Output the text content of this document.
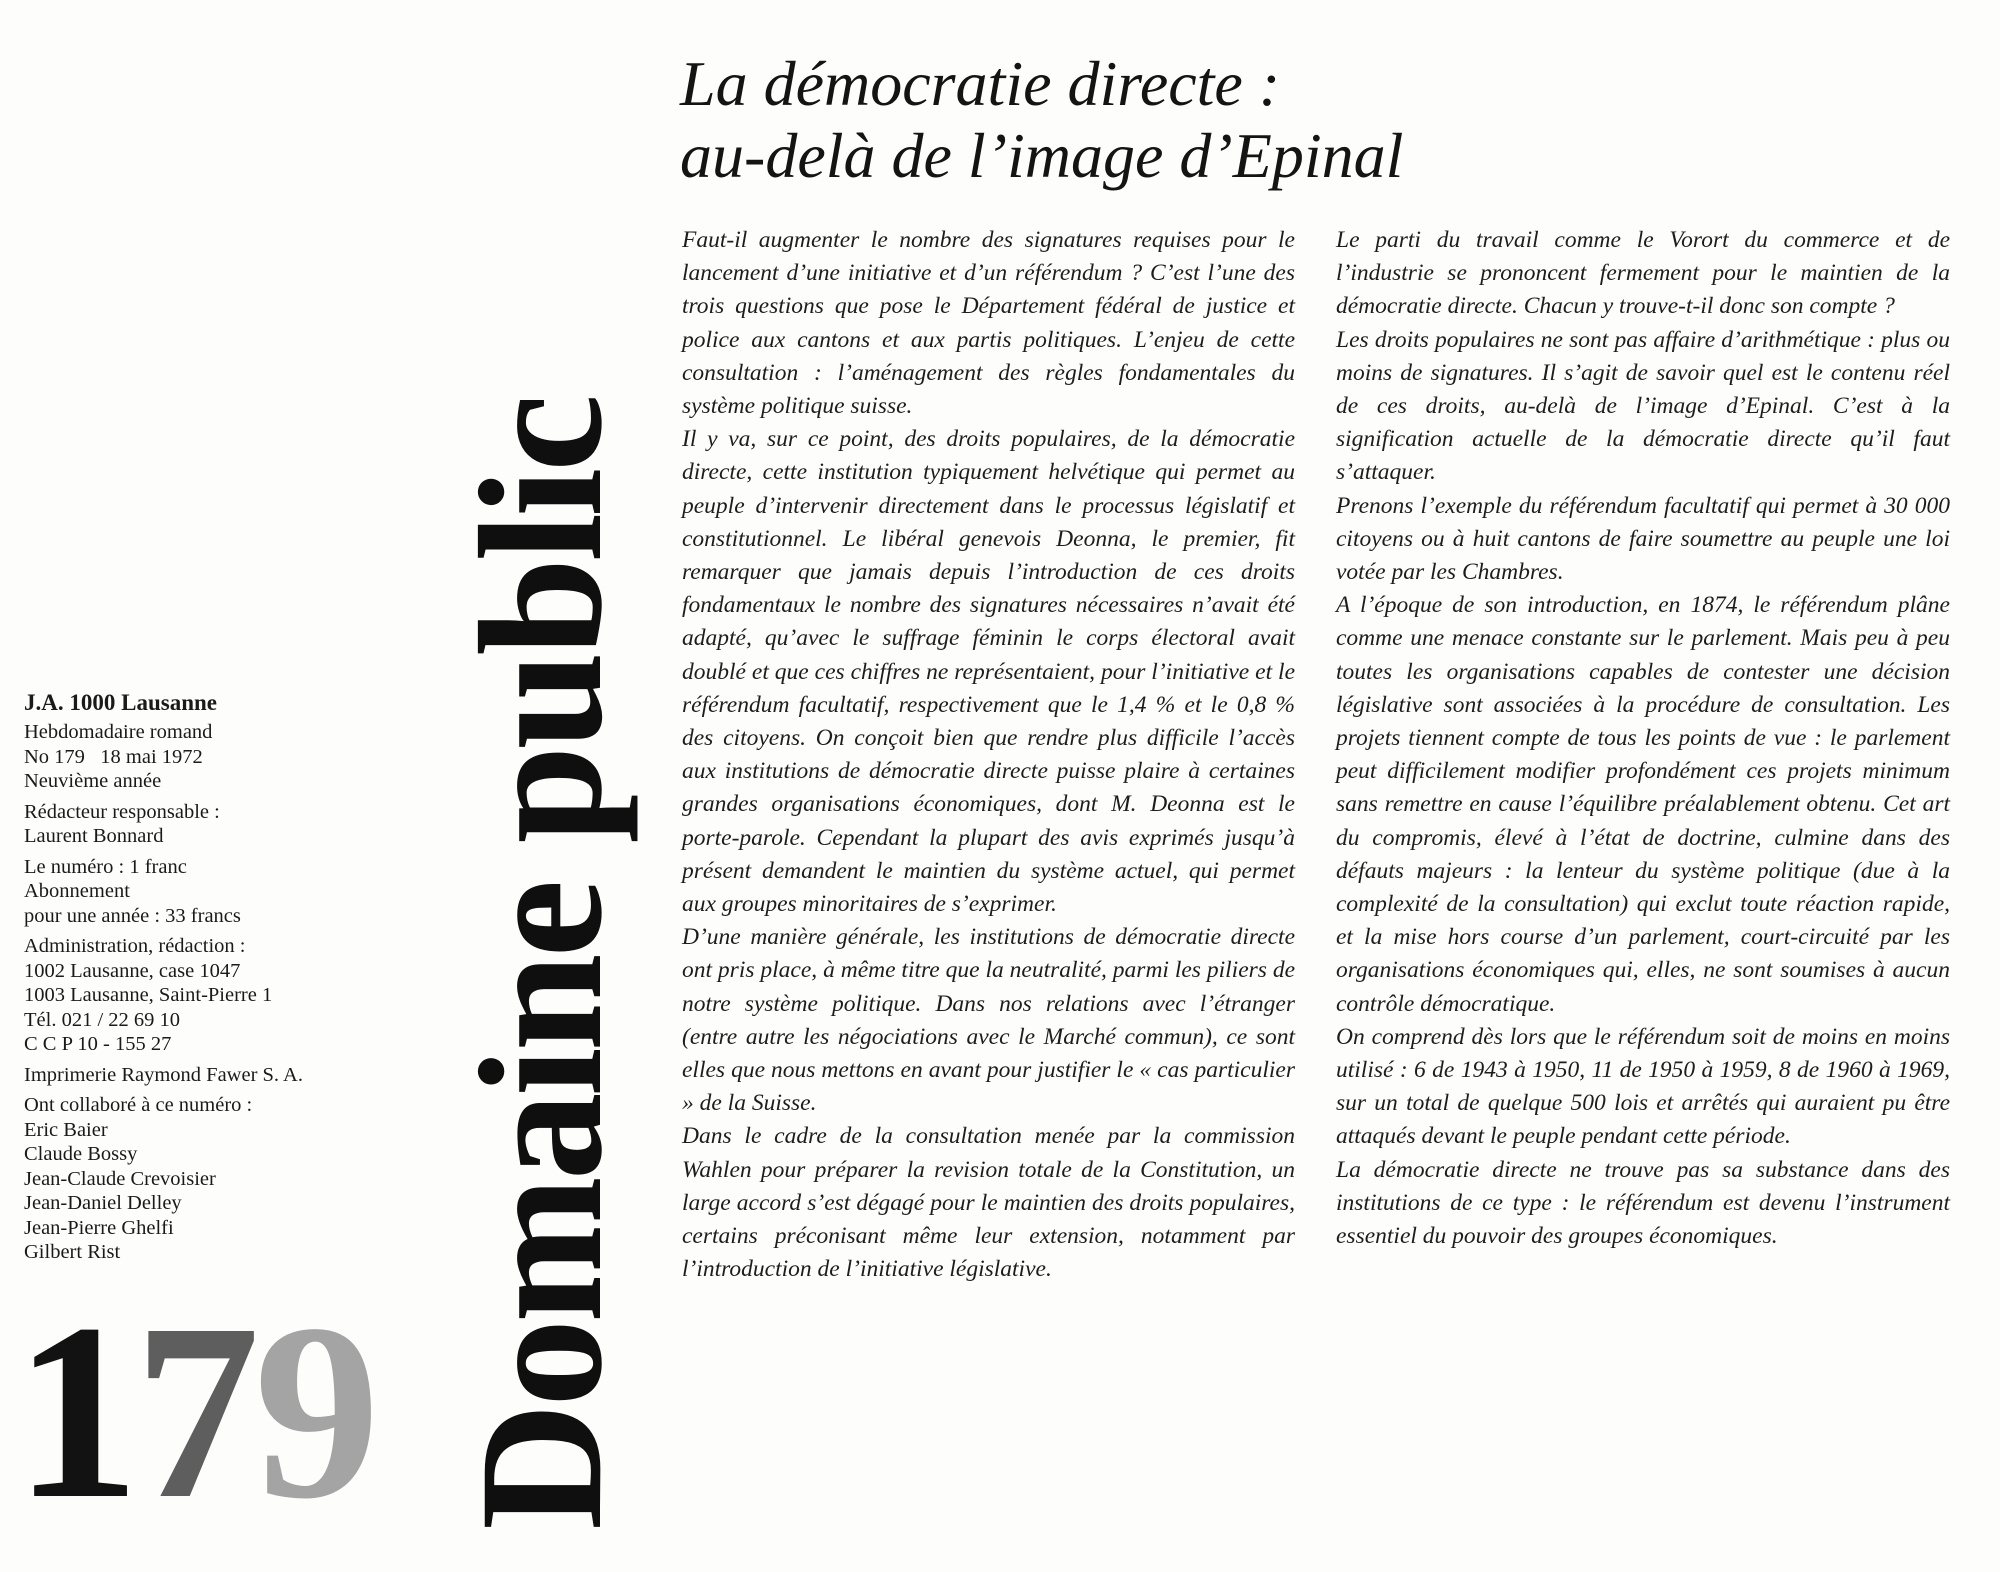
J.A. 1000 Lausanne
Hebdomadaire romand
No 179   18 mai 1972
Neuvième année
Rédacteur responsable :
Laurent Bonnard
Le numéro : 1 franc
Abonnement
pour une année : 33 francs
Administration, rédaction :
1002 Lausanne, case 1047
1003 Lausanne, Saint-Pierre 1
Tél. 021 / 22 69 10
C C P 10 - 155 27
Imprimerie Raymond Fawer S. A.
Ont collaboré à ce numéro :
Eric Baier
Claude Bossy
Jean-Claude Crevoisier
Jean-Daniel Delley
Jean-Pierre Ghelfi
Gilbert Rist
179 Domaine public
La démocratie directe :
au-delà de l’image d’Epinal

Faut-il augmenter le nombre des signatures requises pour le lancement d’une initiative et d’un référendum ? C’est l’une des trois questions que pose le Département fédéral de justice et police aux cantons et aux partis politiques. L’enjeu de cette consultation : l’aménagement des règles fondamentales du système politique suisse.

Il y va, sur ce point, des droits populaires, de la démocratie directe, cette institution typiquement helvétique qui permet au peuple d’intervenir directement dans le processus législatif et constitutionnel. Le libéral genevois Deonna, le premier, fit remarquer que jamais depuis l’introduction de ces droits fondamentaux le nombre des signatures nécessaires n’avait été adapté, qu’avec le suffrage féminin le corps électoral avait doublé et que ces chiffres ne représentaient, pour l’initiative et le référendum facultatif, respectivement que le 1,4 % et le 0,8 % des citoyens. On conçoit bien que rendre plus difficile l’accès aux institutions de démocratie directe puisse plaire à certaines grandes organisations économiques, dont M. Deonna est le porte-parole. Cependant la plupart des avis exprimés jusqu’à présent demandent le maintien du système actuel, qui permet aux groupes minoritaires de s’exprimer.

D’une manière générale, les institutions de démocratie directe ont pris place, à même titre que la neutralité, parmi les piliers de notre système politique. Dans nos relations avec l’étranger (entre autre les négociations avec le Marché commun), ce sont elles que nous mettons en avant pour justifier le « cas particulier » de la Suisse.

Dans le cadre de la consultation menée par la commission Wahlen pour préparer la revision totale de la Constitution, un large accord s’est dégagé pour le maintien des droits populaires, certains préconisant même leur extension, notamment par l’introduction de l’initiative législative.

Le parti du travail comme le Vorort du commerce et de l’industrie se prononcent fermement pour le maintien de la démocratie directe. Chacun y trouve-t-il donc son compte ?

Les droits populaires ne sont pas affaire d’arithmétique : plus ou moins de signatures. Il s’agit de savoir quel est le contenu réel de ces droits, au-delà de l’image d’Epinal. C’est à la signification actuelle de la démocratie directe qu’il faut s’attaquer.

Prenons l’exemple du référendum facultatif qui permet à 30 000 citoyens ou à huit cantons de faire soumettre au peuple une loi votée par les Chambres.

A l’époque de son introduction, en 1874, le référendum plâne comme une menace constante sur le parlement. Mais peu à peu toutes les organisations capables de contester une décision législative sont associées à la procédure de consultation. Les projets tiennent compte de tous les points de vue : le parlement peut difficilement modifier profondément ces projets minimum sans remettre en cause l’équilibre préalablement obtenu. Cet art du compromis, élevé à l’état de doctrine, culmine dans des défauts majeurs : la lenteur du système politique (due à la complexité de la consultation) qui exclut toute réaction rapide, et la mise hors course d’un parlement, court-circuité par les organisations économiques qui, elles, ne sont soumises à aucun contrôle démocratique.

On comprend dès lors que le référendum soit de moins en moins utilisé : 6 de 1943 à 1950, 11 de 1950 à 1959, 8 de 1960 à 1969, sur un total de quelque 500 lois et arrêtés qui auraient pu être attaqués devant le peuple pendant cette période.

La démocratie directe ne trouve pas sa substance dans des institutions de ce type : le référendum est devenu l’instrument essentiel du pouvoir des groupes économiques.
